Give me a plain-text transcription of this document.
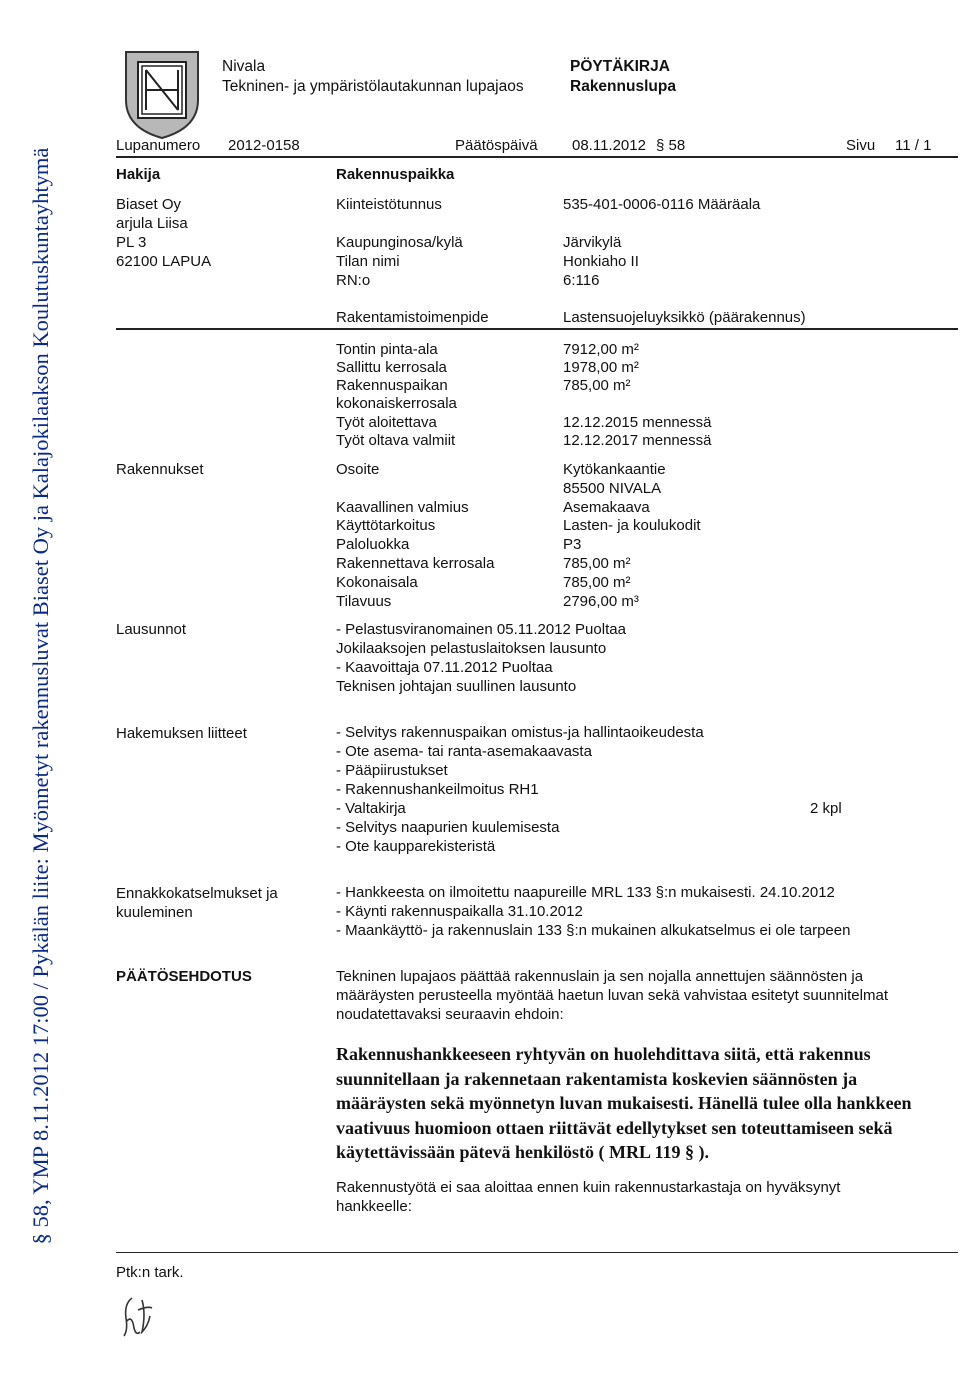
§ 58, YMP 8.11.2012 17:00 / Pykälän liite: Myönnetyt rakennusluvat Biaset Oy ja Kalajokilaakson Koulutuskuntayhtymä
Nivala
Tekninen- ja ympäristölautakunnan lupajaos
PÖYTÄKIRJA
Rakennuslupa
Lupanumero 2012-0158	Päätöspäivä 08.11.2012 § 58	Sivu 11 / 1
Hakija
Biaset Oy
arjula Liisa
PL 3
62100 LAPUA
Rakennuspaikka
Kiinteistötunnus	535-401-0006-0116 Määräala
Kaupunginosa/kylä	Järvikylä
Tilan nimi	Honkiaho II
RN:o	6:116
Rakentamistoimenpide	Lastensuojeluyksikkö (päärakennus)
Tontin pinta-ala	7912,00 m²
Sallittu kerrosala	1978,00 m²
Rakennuspaikan	785,00 m²
kokonaiskerrosala
Työt aloitettava	12.12.2015 mennessä
Työt oltava valmiit	12.12.2017 mennessä
Rakennukset	Osoite	Kytökankaantie
85500 NIVALA
Kaavallinen valmius	Asemakaava
Käyttötarkoitus	Lasten- ja koulukodit
Paloluokka	P3
Rakennettava kerrosala	785,00 m²
Kokonaisala	785,00 m²
Tilavuus	2796,00 m³
Lausunnot	- Pelastusviranomainen 05.11.2012 Puoltaa
Jokilaaksojen pelastuslaitoksen lausunto
- Kaavoittaja 07.11.2012 Puoltaa
Teknisen johtajan suullinen lausunto
Hakemuksen liitteet	- Selvitys rakennuspaikan omistus-ja hallintaoikeudesta
- Ote asema- tai ranta-asemakaavasta
- Pääpiirustukset
- Rakennushankeilmoitus RH1
- Valtakirja	2 kpl
- Selvitys naapurien kuulemisesta
- Ote kaupparekisteristä
Ennakkokatselmukset ja
kuuleminen
- Hankkeesta on ilmoitettu naapureille MRL 133 §:n mukaisesti. 24.10.2012
- Käynti rakennuspaikalla 31.10.2012
- Maankäyttö- ja rakennuslain 133 §:n mukainen alkukatselmus ei ole tarpeen
PÄÄTÖSEHDOTUS	Tekninen lupajaos päättää rakennuslain ja sen nojalla annettujen säännösten ja
määräysten perusteella myöntää haetun luvan sekä vahvistaa esitetyt suunnitelmat
noudatettavaksi seuraavin ehdoin:
Rakennushankkeeseen ryhtyvän on huolehdittava siitä, että rakennus suunnitellaan ja rakennetaan rakentamista koskevien säännösten ja määräysten sekä myönnetyn luvan mukaisesti. Hänellä tulee olla hankkeen vaativuus huomioon ottaen riittävät edellytykset sen toteuttamiseen sekä käytettävissään pätevä henkilöstö ( MRL 119 § ).
Rakennustyötä ei saa aloittaa ennen kuin rakennustarkastaja on hyväksynyt
hankkeelle:
Ptk:n tark.
